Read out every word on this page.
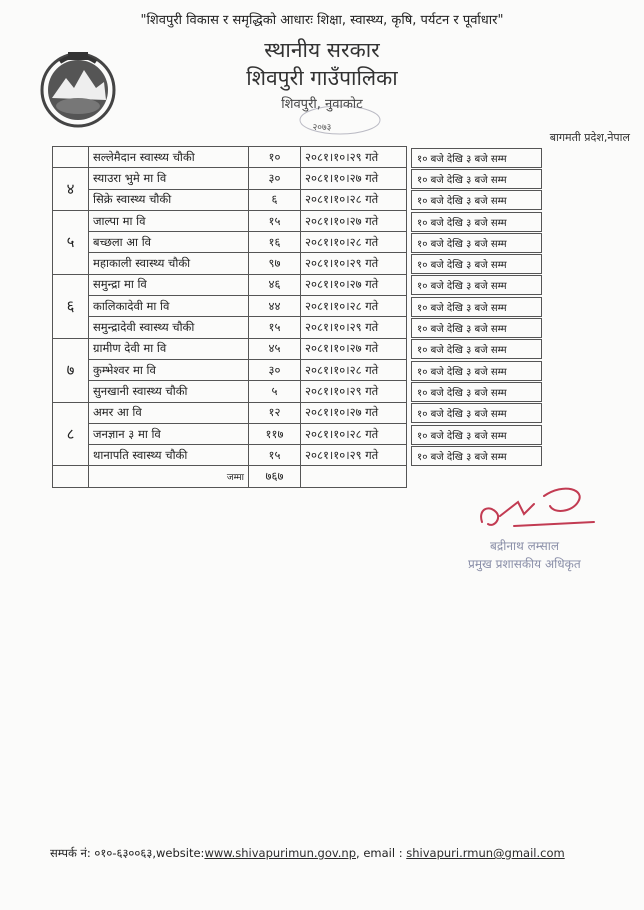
"शिवपुरी विकास र समृद्धिको आधारः शिक्षा, स्वास्थ्य, कृषि, पर्यटन र पूर्वाधार"
स्थानीय सरकार
शिवपुरी गाउँपालिका
शिवपुरी, नुवाकोट
२०७३
बागमती प्रदेश,नेपाल
	सल्लेमैदान स्वास्थ्य चौकी	१०	२०८१।१०।२९ गते	१० बजे देखि ३ बजे सम्म

४	स्याउरा भुमे मा वि	३०	२०८१।१०।२७ गते	१० बजे देखि ३ बजे सम्म

	सिक्रे स्वास्थ्य चौकी	६	२०८१।१०।२८ गते	१० बजे देखि ३ बजे सम्म

५	जाल्पा मा वि	१५	२०८१।१०।२७ गते	१० बजे देखि ३ बजे सम्म

	बच्छला आ वि	१६	२०८१।१०।२८ गते	१० बजे देखि ३ बजे सम्म

	महाकाली स्वास्थ्य चौकी	९७	२०८१।१०।२९ गते	१० बजे देखि ३ बजे सम्म

६	समुन्द्रा मा वि	४६	२०८१।१०।२७ गते	१० बजे देखि ३ बजे सम्म

	कालिकादेवी मा वि	४४	२०८१।१०।२८ गते	१० बजे देखि ३ बजे सम्म

	समुन्द्रादेवी स्वास्थ्य चौकी	१५	२०८१।१०।२९ गते	१० बजे देखि ३ बजे सम्म

७	ग्रामीण देवी मा वि	४५	२०८१।१०।२७ गते	१० बजे देखि ३ बजे सम्म

	कुम्भेश्वर मा वि	३०	२०८१।१०।२८ गते	१० बजे देखि ३ बजे सम्म

	सुनखानी स्वास्थ्य चौकी	५	२०८१।१०।२९ गते	१० बजे देखि ३ बजे सम्म

८	अमर आ वि	१२	२०८१।१०।२७ गते	१० बजे देखि ३ बजे सम्म

	जनज्ञान ३ मा वि	११७	२०८१।१०।२८ गते	१० बजे देखि ३ बजे सम्म

	थानापति स्वास्थ्य चौकी	१५	२०८१।१०।२९ गते	१० बजे देखि ३ बजे सम्म

	जम्मा	७६७		
बद्रीनाथ लम्साल
प्रमुख प्रशासकीय अधिकृत
सम्पर्क नं: ०१०-६३००६३,website:www.shivapurimun.gov.np, email : shivapuri.rmun@gmail.com
